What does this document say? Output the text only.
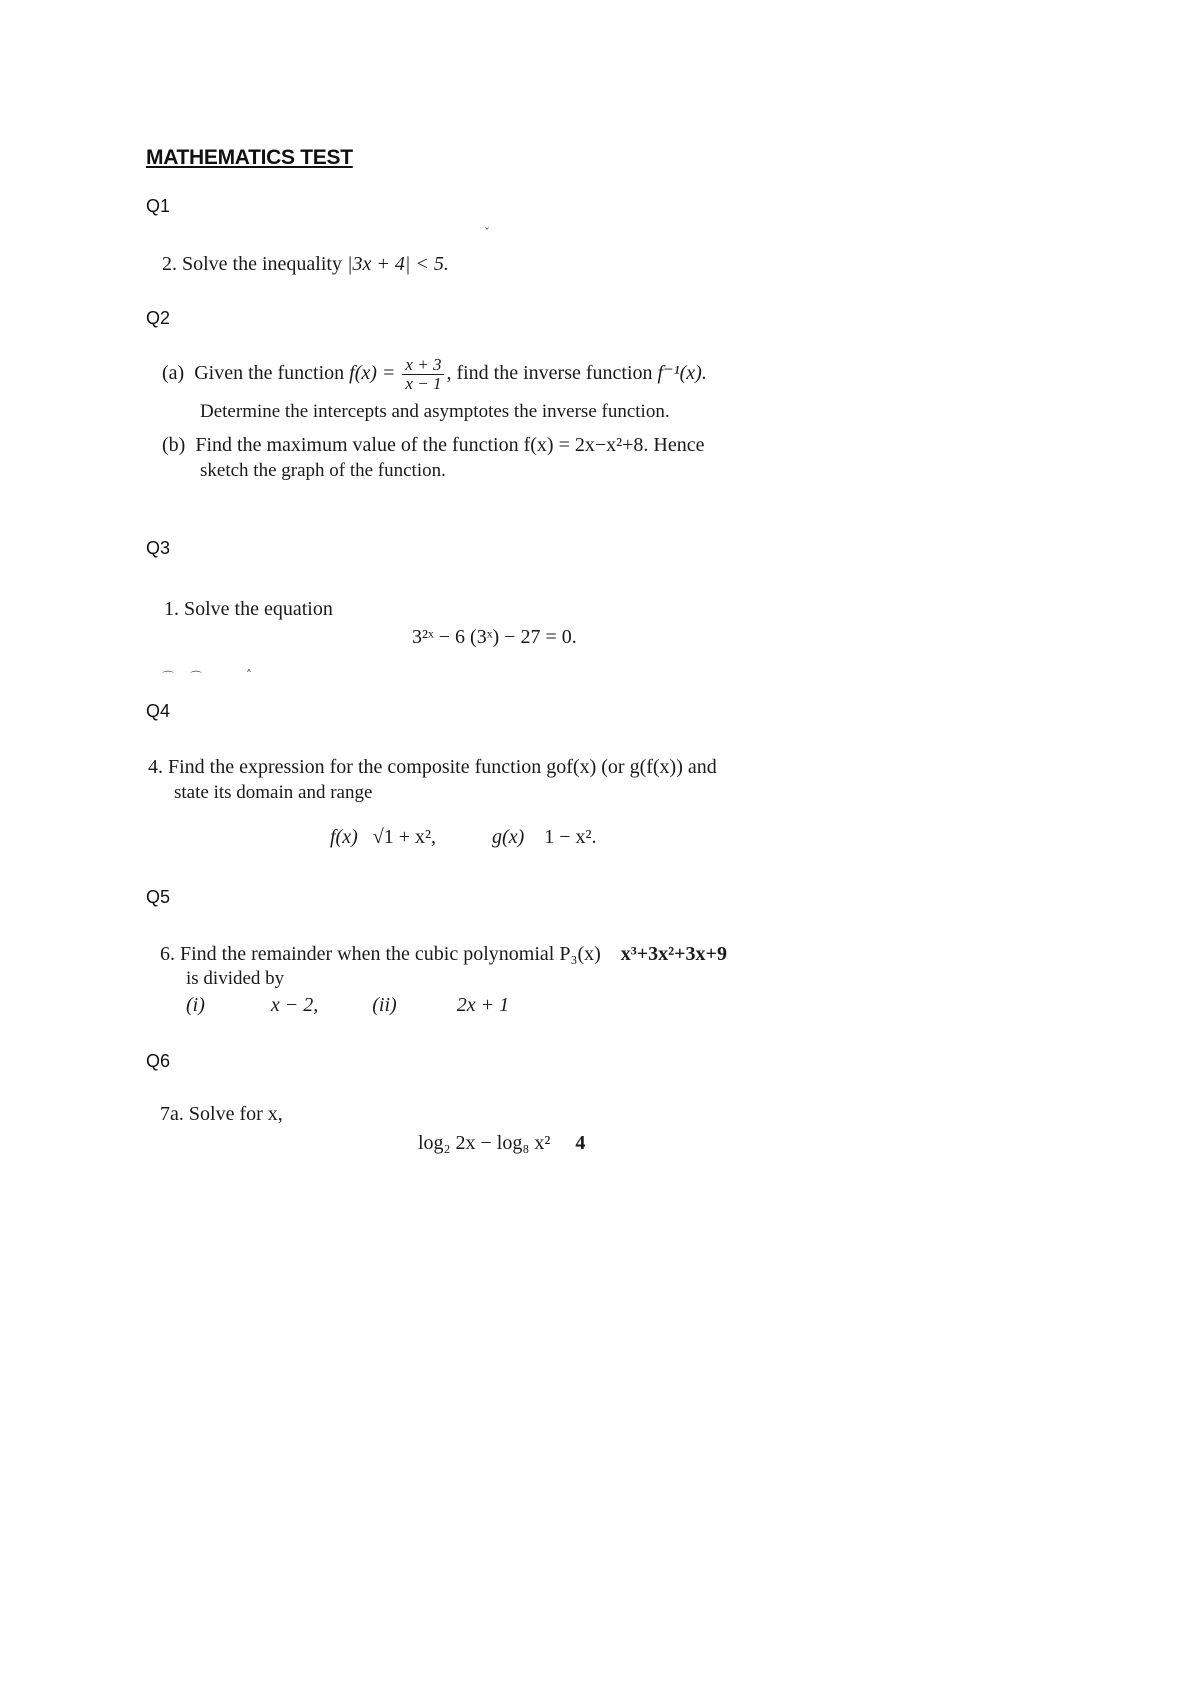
MATHEMATICS TEST
Q1
ˇ
2. Solve the inequality |3x + 4| < 5.
Q2
(a) Given the function $f(x) = \frac{x + 3}{x - 1}$ , find the inverse function f⁻¹(x).
Determine the intercepts and asymptotes the inverse function.
(b) Find the maximum value of the function f(x) = 2x−x²+8. Hence
sketch the graph of the function.
Q3
1. Solve the equation
3²ˣ − 6 (3ˣ) − 27 = 0.
⌒ ⌒	˄
Q4
4. Find the expression for the composite function gof(x) (or g(f(x)) and
state its domain and range
f(x) √1 + x²,	g(x) 1 − x².
Q5
6. Find the remainder when the cubic polynomial P₃(x) x³+3x²+3x+9
is divided by
(i)	x − 2,	(ii)	2x + 1
Q6
7a. Solve for x,
log₂ 2x − log₈ x² 4
